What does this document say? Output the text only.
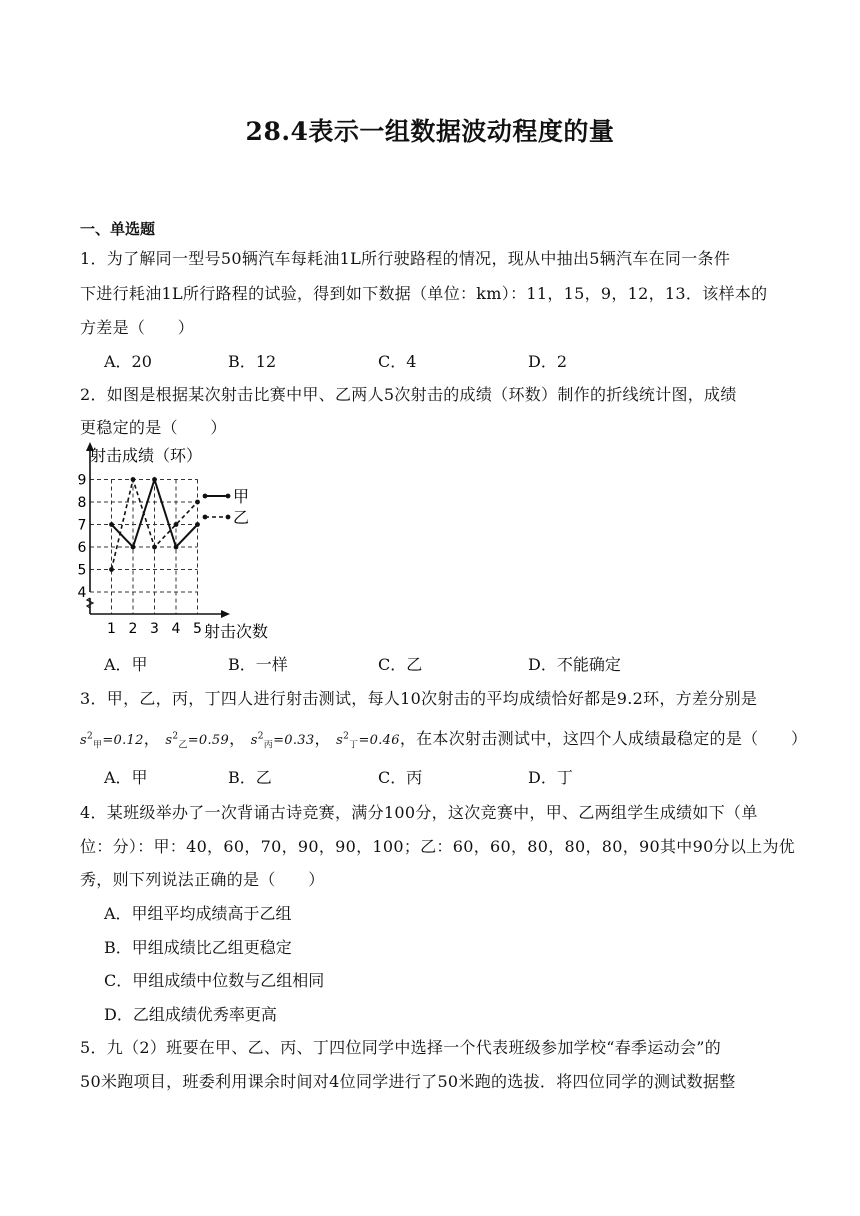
28.4表示一组数据波动程度的量
一、单选题
1．为了解同一型号50辆汽车每耗油1L所行驶路程的情况，现从中抽出5辆汽车在同一条件
下进行耗油1L所行路程的试验，得到如下数据（单位：km）：11，15，9，12，13．该样本的
方差是（　　）
A．20	B．12	C．4	D．2
2．如图是根据某次射击比赛中甲、乙两人5次射击的成绩（环数）制作的折线统计图，成绩
更稳定的是（　　）
4
5
6
7
8
9
1 2 3 4 5
甲
乙
射击成绩（环）
射击次数
A．甲	B．一样	C．乙	D．不能确定
3．甲，乙，丙，丁四人进行射击测试，每人10次射击的平均成绩恰好都是9.2环，方差分别是
$s^2_甲=0.12$， $s^2_乙=0.59$， $s^2_丙=0.33$， $s^2_丁=0.46$，在本次射击测试中，这四个人成绩最稳定的是（　　）
A．甲	B．乙	C．丙	D．丁
4．某班级举办了一次背诵古诗竞赛，满分100分，这次竞赛中，甲、乙两组学生成绩如下（单
位：分）：甲：40，60，70，90，90，100；乙：60，60，80，80，80，90其中90分以上为优
秀，则下列说法正确的是（　　）
A．甲组平均成绩高于乙组
B．甲组成绩比乙组更稳定
C．甲组成绩中位数与乙组相同
D．乙组成绩优秀率更高
5．九（2）班要在甲、乙、丙、丁四位同学中选择一个代表班级参加学校“春季运动会”的
50米跑项目，班委利用课余时间对4位同学进行了50米跑的选拔．将四位同学的测试数据整
